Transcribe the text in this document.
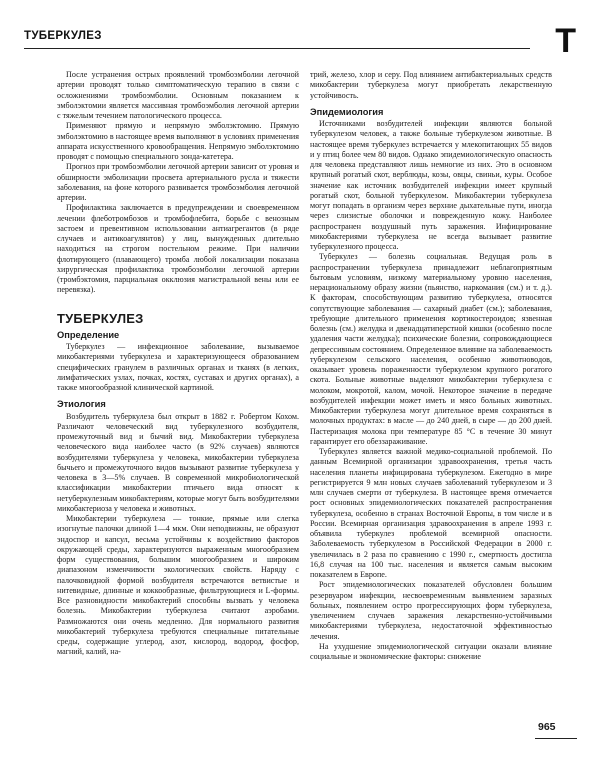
ТУБЕРКУЛЕЗ	Т

После устранения острых проявлений тромбоэмболии легочной артерии проводят только симптоматическую терапию в связи с осложнениями тромбоэмболии. Основным показанием к эмболэктомии является массивная тромбоэмболия легочной артерии с тяжелым течением патологического процесса.

Применяют прямую и непрямую эмболэктомию. Прямую эмболэктомию в настоящее время выполняют в условиях применения аппарата искусственного кровообращения. Непрямую эмболэктомию проводят с помощью специального зонда-катетера.

Прогноз при тромбоэмболии легочной артерии зависит от уровня и обширности эмболизации просвета артериального русла и тяжести заболевания, на фоне которого развивается тромбоэмболия легочной артерии.

Профилактика заключается в предупреждении и своевременном лечении флеботромбозов и тромбофлебита, борьбе с венозным застоем и превентивном использовании антиагрегантов (в ряде случаев и антикоагулянтов) у лиц, вынужденных длительно находиться на строгом постельном режиме. При наличии флотирующего (плавающего) тромба любой локализации показана хирургическая профилактика тромбоэмболии легочной артерии (тромбэктомия, парциальная окклюзия магистральной вены или ее перевязка).

ТУБЕРКУЛЕЗ
Определение

Туберкулез — инфекционное заболевание, вызываемое микобактериями туберкулеза и характеризующееся образованием специфических гранулем в различных органах и тканях (в легких, лимфатических узлах, почках, костях, суставах и других органах), а также многообразной клинической картиной.

Этиология

Возбудитель туберкулеза был открыт в 1882 г. Робертом Кохом. Различают человеческий вид туберкулезного возбудителя, промежуточный вид и бычий вид. Микобактерии туберкулеза человеческого вида наиболее часто (в 92% случаев) являются возбудителями туберкулеза у человека, микобактерии туберкулеза бычьего и промежуточного видов вызывают развитие туберкулеза у человека в 3—5% случаев. В современной микробиологической классификации микобактерии птичьего вида относят к нетуберкулезным микобактериям, которые могут быть возбудителями микобактериоза у человека и животных.

Микобактерии туберкулеза — тонкие, прямые или слегка изогнутые палочки длиной 1—4 мкм. Они неподвижны, не образуют эндоспор и капсул, весьма устойчивы к воздействию факторов окружающей среды, характеризуются выраженным многообразием форм существования, большим многообразием и широким диапазоном изменчивости экологических свойств. Наряду с палочковидной формой возбудителя встречаются ветвистые и нитевидные, длинные и коккообразные, фильтрующиеся и L-формы. Все разновидности микобактерий способны вызвать у человека болезнь. Микобактерии туберкулеза считают аэробами. Размножаются они очень медленно. Для нормального развития микобактерий туберкулеза требуются специальные питательные среды, содержащие углерод, азот, кислород, водород, фосфор, магний, калий, на-

трий, железо, хлор и серу. Под влиянием антибактериальных средств микобактерии туберкулеза могут приобретать лекарственную устойчивость.

Эпидемиология

Источниками возбудителей инфекции являются больной туберкулезом человек, а также больные туберкулезом животные. В настоящее время туберкулез встречается у млекопитающих 55 видов и у птиц более чем 80 видов. Однако эпидемиологическую опасность для человека представляют лишь немногие из них. Это в основном крупный рогатый скот, верблюды, козы, овцы, свиньи, куры. Особое значение как источник возбудителей инфекции имеет крупный рогатый скот, больной туберкулезом. Микобактерии туберкулеза могут попадать в организм через верхние дыхательные пути, иногда через слизистые оболочки и поврежденную кожу. Наиболее распространен воздушный путь заражения. Инфицирование микобактериями туберкулеза не всегда вызывает развитие туберкулезного процесса.

Туберкулез — болезнь социальная. Ведущая роль в распространении туберкулеза принадлежит неблагоприятным бытовым условиям, низкому материальному уровню населения, нерациональному образу жизни (пьянство, наркомания (см.) и т. д.). К факторам, способствующим развитию туберкулеза, относятся сопутствующие заболевания — сахарный диабет (см.); заболевания, требующие длительного применения кортикостероидов; язвенная болезнь (см.) желудка и двенадцатиперстной кишки (особенно после удаления части желудка); психические болезни, сопровождающиеся депрессивным состоянием. Определенное влияние на заболеваемость туберкулезом сельского населения, особенно животноводов, оказывает уровень пораженности туберкулезом крупного рогатого скота. Больные животные выделяют микобактерии туберкулеза с молоком, мокротой, калом, мочой. Некоторое значение в передаче возбудителей инфекции может иметь и мясо больных животных. Микобактерии туберкулеза могут длительное время сохраняться в молочных продуктах: в масле — до 240 дней, в сыре — до 200 дней. Пастеризация молока при температуре 85 °С в течение 30 минут гарантирует его обеззараживание.

Туберкулез является важной медико-социальной проблемой. По данным Всемирной организации здравоохранения, третья часть населения планеты инфицирована туберкулезом. Ежегодно в мире регистрируется 9 млн новых случаев заболеваний туберкулезом и 3 млн случаев смерти от туберкулеза. В настоящее время отмечается рост основных эпидемиологических показателей распространения туберкулеза, особенно в странах Восточной Европы, в том числе и в России. Всемирная организация здравоохранения в апреле 1993 г. объявила туберкулез проблемой всемирной опасности. Заболеваемость туберкулезом в Российской Федерации в 2000 г. увеличилась в 2 раза по сравнению с 1990 г., смертность достигла 16,8 случая на 100 тыс. населения и является самым высоким показателем в Европе.

Рост эпидемиологических показателей обусловлен большим резервуаром инфекции, несвоевременным выявлением заразных больных, появлением остро прогрессирующих форм туберкулеза, увеличением случаев заражения лекарственно-устойчивыми микобактериями туберкулеза, недостаточной эффективностью лечения.

На ухудшение эпидемиологической ситуации оказали влияние социальные и экономические факторы: снижение

965
